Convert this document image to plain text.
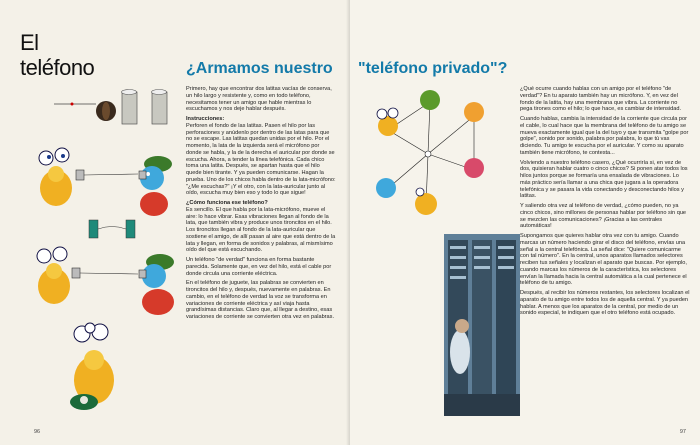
El
teléfono	¿Armamos nuestro

Primero, hay que encontrar dos latitas vacías de conserva, un hilo largo y resistente y, como en todo teléfono, necesitamos tener un amigo que hable mientras lo escuchamos y nos deje hablar después.

Instrucciones:

Perforen el fondo de las latitas. Pasen el hilo por las perforaciones y anúdenlo por dentro de las latas para que no se escape. Las latitas quedan unidas por el hilo. Por el momento, la lata de la izquierda será el micrófono por donde se habla, y la de la derecha el auricular por donde se escucha. Ahora, a tender la línea telefónica. Cada chico toma una latita. Después, se apartan hasta que el hilo quede bien tirante. Y ya pueden comunicarse. Hagan la prueba. Uno de los chicos habla dentro de la lata-micrófono: "¿Me escuchas?" ¡Y el otro, con la lata-auricular junto al oído, escucha muy bien eso y todo lo que sigue!

¿Cómo funciona ese teléfono?

Es sencillo. El que habla por la lata-micrófono, mueve el aire: lo hace vibrar. Esas vibraciones llegan al fondo de la lata, que también vibra y produce unos tironcitos en el hilo. Los tironcitos llegan al fondo de la lata-auricular que sostiene el amigo, de allí pasan al aire que está dentro de la lata y llegan, en forma de sonidos y palabras, al mismísimo oído del que está escuchando.

Un teléfono "de verdad" funciona en forma bastante parecida. Solamente que, en vez del hilo, está el cable por donde circula una corriente eléctrica.

En el teléfono de juguete, las palabras se convierten en tironcitos del hilo y, después, nuevamente en palabras. En cambio, en el teléfono de verdad la voz se transforma en variaciones de corriente eléctrica y así viaja hasta grandísimas distancias. Claro que, al llegar a destino, esas variaciones de corriente se convierten otra vez en palabras.

96
"teléfono privado"?

¿Qué ocurre cuando hablas con un amigo por el teléfono "de verdad"? En tu aparato también hay un micrófono. Y, en vez del fondo de la latita, hay una membrana que vibra. La corriente no pega tirones como el hilo; lo que hace, es cambiar de intensidad.

Cuando hablas, cambia la intensidad de la corriente que circula por el cable, lo cual hace que la membrana del teléfono de tu amigo se mueva exactamente igual que la del tuyo y que transmita "golpe por golpe", sonido por sonido, palabra por palabra, lo que tú vas diciendo. Tu amigo te escucha por el auricular. Y como su aparato también tiene micrófono, te contesta...

Volviendo a nuestro teléfono casero, ¿Qué ocurriría si, en vez de dos, quisieran hablar cuatro o cinco chicos? Si ponen atar todos los hilos juntos porque se formaría una ensalada de vibraciones. Lo más práctico sería llamar a una chica que jugara a la operadora telefónica y se pasara la vida conectando y desconectando hilos y latitas.

Y saliendo otra vez al teléfono de verdad, ¿cómo pueden, no ya cinco chicos, sino millones de personas hablar por teléfono sin que se mezclen las comunicaciones? ¡Gracias a las centrales automáticas!

Supongamos que quieres hablar otra vez con tu amigo. Cuando marcas un número haciendo girar el disco del teléfono, envías una señal a la central telefónica. La señal dice: "Quiere comunicarme con tal número". En la central, unos aparatos llamados selectores reciben tus señales y localizan el aparato que buscas. Por ejemplo, cuando marcas los números de la característica, los selectores envían la llamada hacia la central automática a la cual pertenece el teléfono de tu amigo.

Después, al recibir los números restantes, los selectores localizan el aparato de tu amigo entre todos los de aquella central. Y ya pueden hablar. A menos que los aparatos de la central, por medio de un sonido especial, te indiquen que el otro teléfono está ocupado.

97
